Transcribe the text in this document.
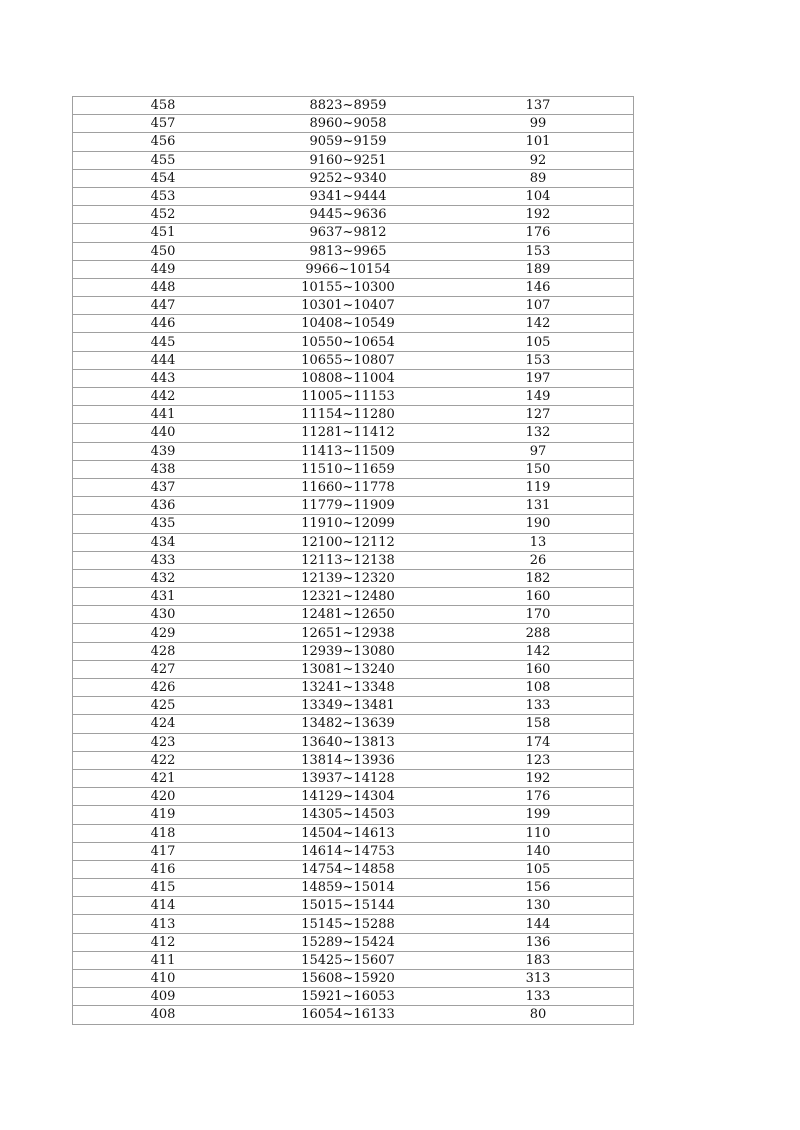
458	8823~8959	137
457	8960~9058	99
456	9059~9159	101
455	9160~9251	92
454	9252~9340	89
453	9341~9444	104
452	9445~9636	192
451	9637~9812	176
450	9813~9965	153
449	9966~10154	189
448	10155~10300	146
447	10301~10407	107
446	10408~10549	142
445	10550~10654	105
444	10655~10807	153
443	10808~11004	197
442	11005~11153	149
441	11154~11280	127
440	11281~11412	132
439	11413~11509	97
438	11510~11659	150
437	11660~11778	119
436	11779~11909	131
435	11910~12099	190
434	12100~12112	13
433	12113~12138	26
432	12139~12320	182
431	12321~12480	160
430	12481~12650	170
429	12651~12938	288
428	12939~13080	142
427	13081~13240	160
426	13241~13348	108
425	13349~13481	133
424	13482~13639	158
423	13640~13813	174
422	13814~13936	123
421	13937~14128	192
420	14129~14304	176
419	14305~14503	199
418	14504~14613	110
417	14614~14753	140
416	14754~14858	105
415	14859~15014	156
414	15015~15144	130
413	15145~15288	144
412	15289~15424	136
411	15425~15607	183
410	15608~15920	313
409	15921~16053	133
408	16054~16133	80
